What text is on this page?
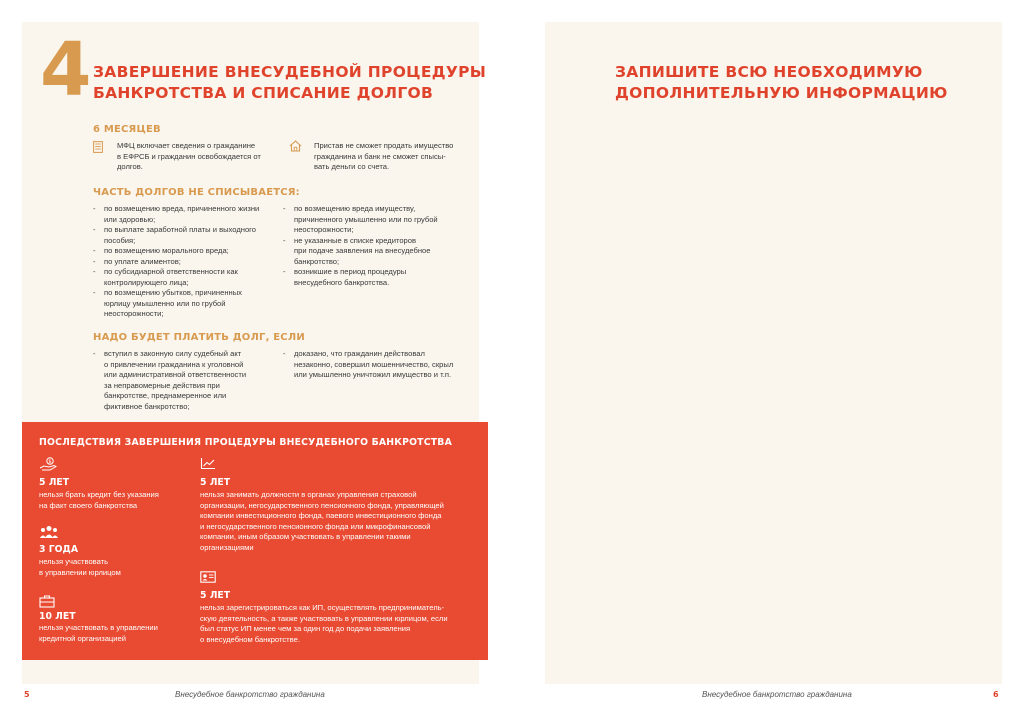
4 ЗАВЕРШЕНИЕ ВНЕСУДЕБНОЙ ПРОЦЕДУРЫ
БАНКРОТСТВА И СПИСАНИЕ ДОЛГОВ
6 МЕСЯЦЕВ
МФЦ включает сведения о гражданине
в ЕФРСБ и гражданин освобождается от
долгов.
Пристав не сможет продать имущество
гражданина и банк не сможет спысы-
вать деньги со счета.
ЧАСТЬ ДОЛГОВ НЕ СПИСЫВАЕТСЯ:
- по возмещению вреда, причиненного жизни
или здоровью;
- по выплате заработной платы и выходного
пособия;
- по возмещению морального вреда;
- по уплате алиментов;
- по субсидиарной ответственности как
контролирующего лица;
- по возмещению убытков, причиненных
юрлицу умышленно или по грубой
неосторожности;
- по возмещению вреда имуществу,
причиненного умышленно или по грубой
неосторожности;
- не указанные в списке кредиторов
при подаче заявления на внесудебное
банкротство;
- возникшие в период процедуры
внесудебного банкротства.
НАДО БУДЕТ ПЛАТИТЬ ДОЛГ, ЕСЛИ
- вступил в законную силу судебный акт
о привлечении гражданина к уголовной
или административной ответственности
за неправомерные действия при
банкротстве, преднамеренное или
фиктивное банкротство;
- доказано, что гражданин действовал
незаконно, совершил мошенничество, скрыл
или умышленно уничтожил имущество и т.п.
ПОСЛЕДСТВИЯ ЗАВЕРШЕНИЯ ПРОЦЕДУРЫ ВНЕСУДЕБНОГО БАНКРОТСТВА
$
5 ЛЕТ
нельзя брать кредит без указания
на факт своего банкротства
3 ГОДА
нельзя участвовать
в управлении юрлицом
10 ЛЕТ
нельзя участвовать в управлении
кредитной организацией
5 ЛЕТ
нельзя занимать должности в органах управления страховой
организации, негосударственного пенсионного фонда, управляющей
компании инвестиционного фонда, паевого инвестиционного фонда
и негосударственного пенсионного фонда или микрофинансовой
компании, иным образом участвовать в управлении такими
организациями
5 ЛЕТ
нельзя зарегистрироваться как ИП, осуществлять предприниматель-
скую деятельность, а также участвовать в управлении юрлицом, если
был статус ИП менее чем за один год до подачи заявления
о внесудебном банкротстве.
5	Внесудебное банкротство гражданина
ЗАПИШИТЕ ВСЮ НЕОБХОДИМУЮ
ДОПОЛНИТЕЛЬНУЮ ИНФОРМАЦИЮ
Внесудебное банкротство гражданина	6
